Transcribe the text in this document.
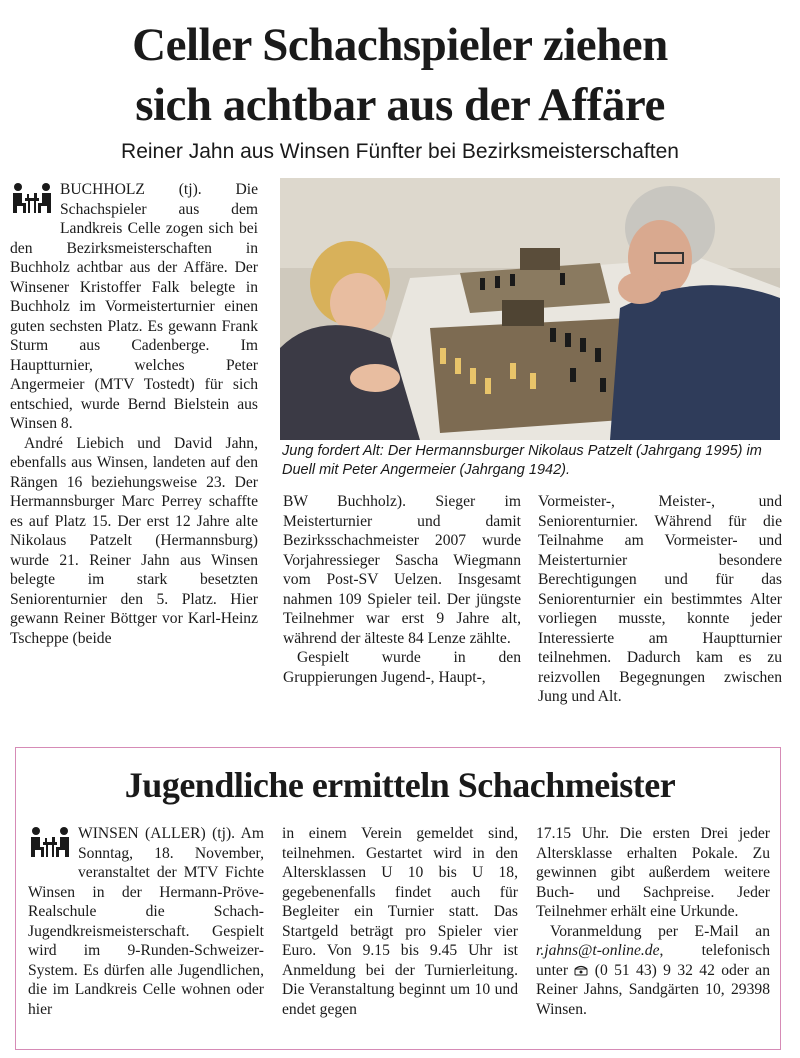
Celler Schachspieler ziehen
sich achtbar aus der Affäre
Reiner Jahn aus Winsen Fünfter bei Bezirksmeisterschaften

BUCHHOLZ (tj). Die Schachspieler aus dem Landkreis Celle zogen sich bei den Bezirksmeisterschaften in Buchholz achtbar aus der Affäre. Der Winsener Kristoffer Falk belegte in Buchholz im Vormeisterturnier einen guten sechsten Platz. Es gewann Frank Sturm aus Cadenberge. Im Hauptturnier, welches Peter Angermeier (MTV Tostedt) für sich entschied, wurde Bernd Bielstein aus Winsen 8.

André Liebich und David Jahn, ebenfalls aus Winsen, landeten auf den Rängen 16 beziehungsweise 23. Der Hermannsburger Marc Perrey schaffte es auf Platz 15. Der erst 12 Jahre alte Nikolaus Patzelt (Hermannsburg) wurde 21. Reiner Jahn aus Winsen belegte im stark besetzten Seniorenturnier den 5. Platz. Hier gewann Reiner Böttger vor Karl-Heinz Tscheppe (beide

Jung fordert Alt: Der Hermannsburger Nikolaus Patzelt (Jahrgang 1995) im Duell mit Peter Angermeier (Jahrgang 1942).

BW Buchholz). Sieger im Meisterturnier und damit Bezirksschachmeister 2007 wurde Vorjahressieger Sascha Wiegmann vom Post-SV Uelzen. Insgesamt nahmen 109 Spieler teil. Der jüngste Teilnehmer war erst 9 Jahre alt, während der älteste 84 Lenze zählte.

Gespielt wurde in den Gruppierungen Jugend-, Haupt-,

Vormeister-, Meister-, und Seniorenturnier. Während für die Teilnahme am Vormeister- und Meisterturnier besondere Berechtigungen und für das Seniorenturnier ein bestimmtes Alter vorliegen musste, konnte jeder Interessierte am Hauptturnier teilnehmen. Dadurch kam es zu reizvollen Begegnungen zwischen Jung und Alt.

Jugendliche ermitteln Schachmeister

WINSEN (ALLER) (tj). Am Sonntag, 18. November, veranstaltet der MTV Fichte Winsen in der Hermann-Pröve-Realschule die Schach-Jugendkreismeisterschaft. Gespielt wird im 9-Runden-Schweizer-System. Es dürfen alle Jugendlichen, die im Landkreis Celle wohnen oder hier

in einem Verein gemeldet sind, teilnehmen. Gestartet wird in den Altersklassen U 10 bis U 18, gegebenenfalls findet auch für Begleiter ein Turnier statt. Das Startgeld beträgt pro Spieler vier Euro. Von 9.15 bis 9.45 Uhr ist Anmeldung bei der Turnierleitung. Die Veranstaltung beginnt um 10 und endet gegen

17.15 Uhr. Die ersten Drei jeder Altersklasse erhalten Pokale. Zu gewinnen gibt außerdem weitere Buch- und Sachpreise. Jeder Teilnehmer erhält eine Urkunde.

Voranmeldung per E-Mail an r.jahns@t-online.de, telefonisch unter (0 51 43) 9 32 42 oder an Reiner Jahns, Sandgärten 10, 29398 Winsen.
